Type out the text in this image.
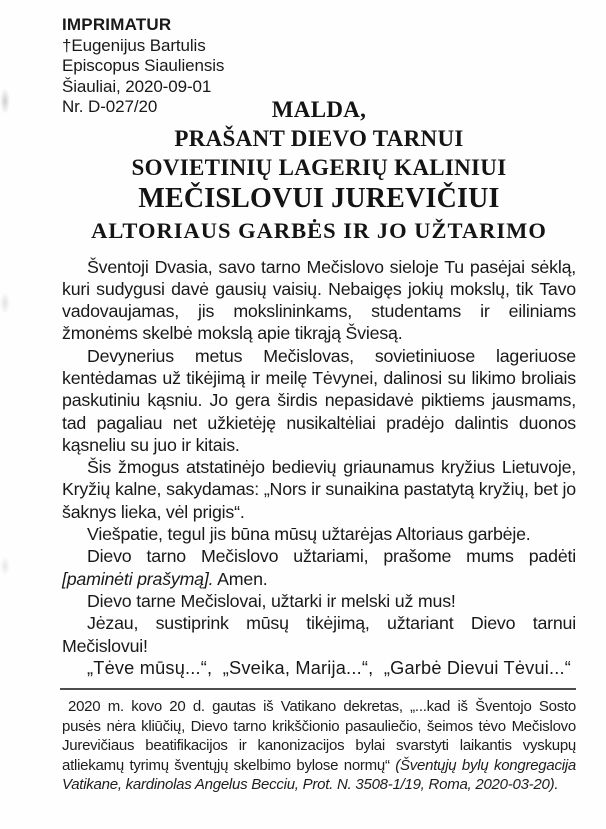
IMPRIMATUR
†Eugenijus Bartulis
Episcopus Siauliensis
Šiauliai, 2020-09-01
Nr. D-027/20	MALDA,
PRAŠANT DIEVO TARNUI
SOVIETINIŲ LAGERIŲ KALINIUI
MEČISLOVUI JUREVIČIUI
ALTORIAUS GARBĖS IR JO UŽTARIMO

Šventoji Dvasia, savo tarno Mečislovo sieloje Tu pasėjai sėklą, kuri sudygusi davė gausių vaisių. Nebaigęs jokių mokslų, tik Tavo vadovaujamas, jis mokslininkams, studentams ir eiliniams žmonėms skelbė mokslą apie tikrąją Šviesą.

Devynerius metus Mečislovas, sovietiniuose lageriuose kentėdamas už tikėjimą ir meilę Tėvynei, dalinosi su likimo broliais paskutiniu kąsniu. Jo gera širdis nepasidavė piktiems jausmams, tad pagaliau net užkietėję nusikaltėliai pradėjo dalintis duonos kąsneliu su juo ir kitais.

Šis žmogus atstatinėjo bedievių griaunamus kryžius Lietuvoje, Kryžių kalne, sakydamas: „Nors ir sunaikina pastatytą kryžių, bet jo šaknys lieka, vėl prigis“.

Viešpatie, tegul jis būna mūsų užtarėjas Altoriaus garbėje.

Dievo tarno Mečislovo užtariami, prašome mums padėti [paminėti prašymą]. Amen.

Dievo tarne Mečislovai, užtarki ir melski už mus!

Jėzau, sustiprink mūsų tikėjimą, užtariant Dievo tarnui Mečislovui!

„Tėve mūsų...“,  „Sveika, Marija...“,  „Garbė Dievui Tėvui...“

2020 m. kovo 20 d. gautas iš Vatikano dekretas, „...kad iš Šventojo Sosto pusės nėra kliūčių, Dievo tarno krikščionio pasauliečio, šeimos tėvo Mečislovo Jurevičiaus beatifikacijos ir kanonizacijos bylai svarstyti laikantis vyskupų atliekamų tyrimų šventųjų skelbimo bylose normų“ (Šventųjų bylų kongregacija Vatikane, kardinolas Angelus Becciu, Prot. N. 3508-1/19, Roma, 2020-03-20).
